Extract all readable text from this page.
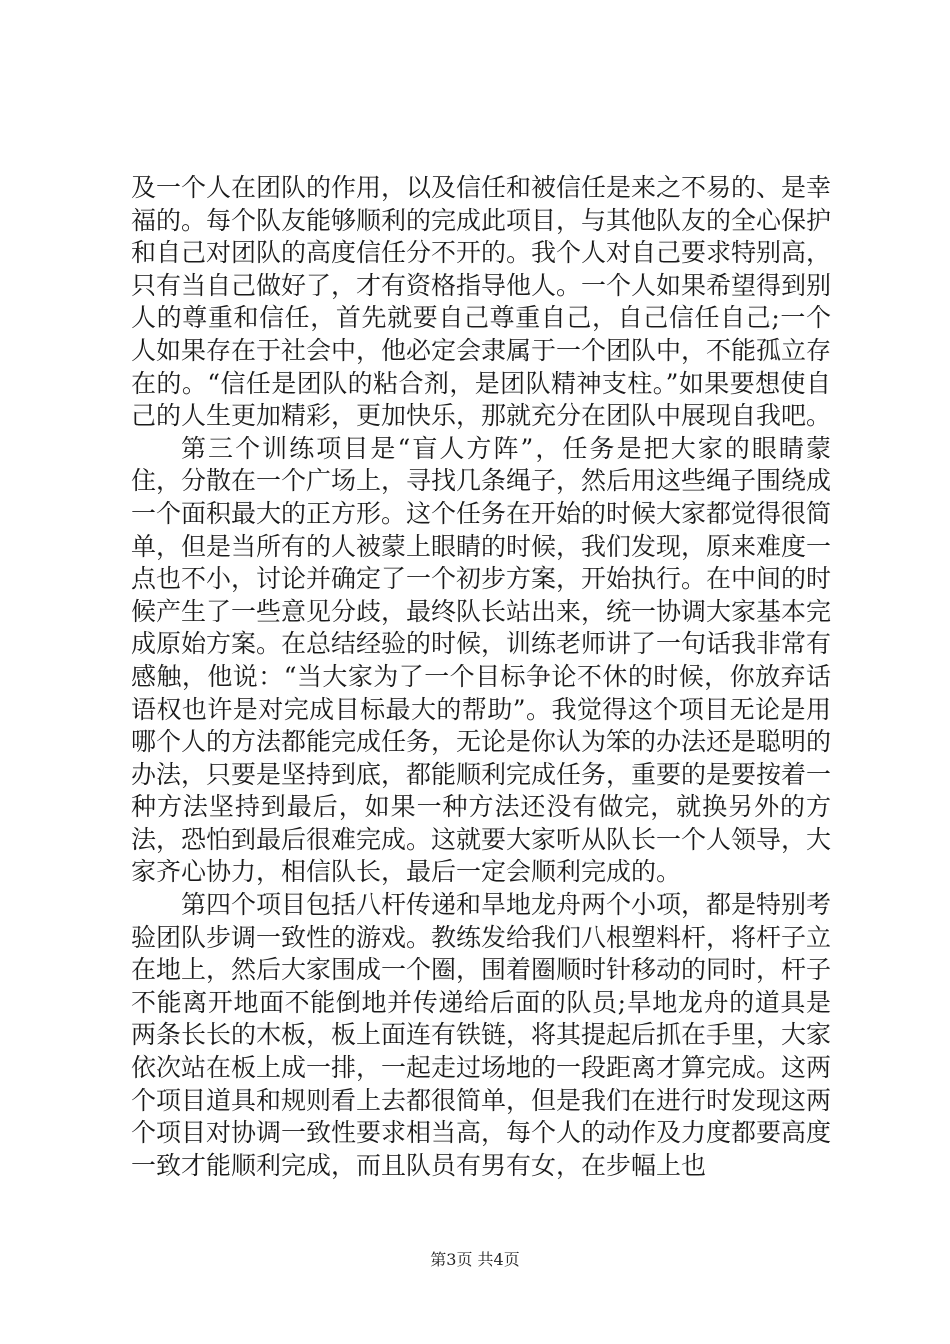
及一个人在团队的作用，以及信任和被信任是来之不易的、是幸福的。每个队友能够顺利的完成此项目，与其他队友的全心保护和自己对团队的高度信任分不开的。我个人对自己要求特别高，只有当自己做好了，才有资格指导他人。一个人如果希望得到别人的尊重和信任，首先就要自己尊重自己，自己信任自己;一个人如果存在于社会中，他必定会隶属于一个团队中，不能孤立存在的。“信任是团队的粘合剂，是团队精神支柱。”如果要想使自己的人生更加精彩，更加快乐，那就充分在团队中展现自我吧。

第三个训练项目是“盲人方阵”，任务是把大家的眼睛蒙住，分散在一个广场上，寻找几条绳子，然后用这些绳子围绕成一个面积最大的正方形。这个任务在开始的时候大家都觉得很简单，但是当所有的人被蒙上眼睛的时候，我们发现，原来难度一点也不小，讨论并确定了一个初步方案，开始执行。在中间的时候产生了一些意见分歧，最终队长站出来，统一协调大家基本完成原始方案。在总结经验的时候，训练老师讲了一句话我非常有感触，他说：“当大家为了一个目标争论不休的时候，你放弃话语权也许是对完成目标最大的帮助”。我觉得这个项目无论是用哪个人的方法都能完成任务，无论是你认为笨的办法还是聪明的办法，只要是坚持到底，都能顺利完成任务，重要的是要按着一种方法坚持到最后，如果一种方法还没有做完，就换另外的方法，恐怕到最后很难完成。这就要大家听从队长一个人领导，大家齐心协力，相信队长，最后一定会顺利完成的。

第四个项目包括八杆传递和旱地龙舟两个小项，都是特别考验团队步调一致性的游戏。教练发给我们八根塑料杆，将杆子立在地上，然后大家围成一个圈，围着圈顺时针移动的同时，杆子不能离开地面不能倒地并传递给后面的队员;旱地龙舟的道具是两条长长的木板，板上面连有铁链，将其提起后抓在手里，大家依次站在板上成一排，一起走过场地的一段距离才算完成。这两个项目道具和规则看上去都很简单，但是我们在进行时发现这两个项目对协调一致性要求相当高，每个人的动作及力度都要高度一致才能顺利完成，而且队员有男有女，在步幅上也

第3页 共4页
